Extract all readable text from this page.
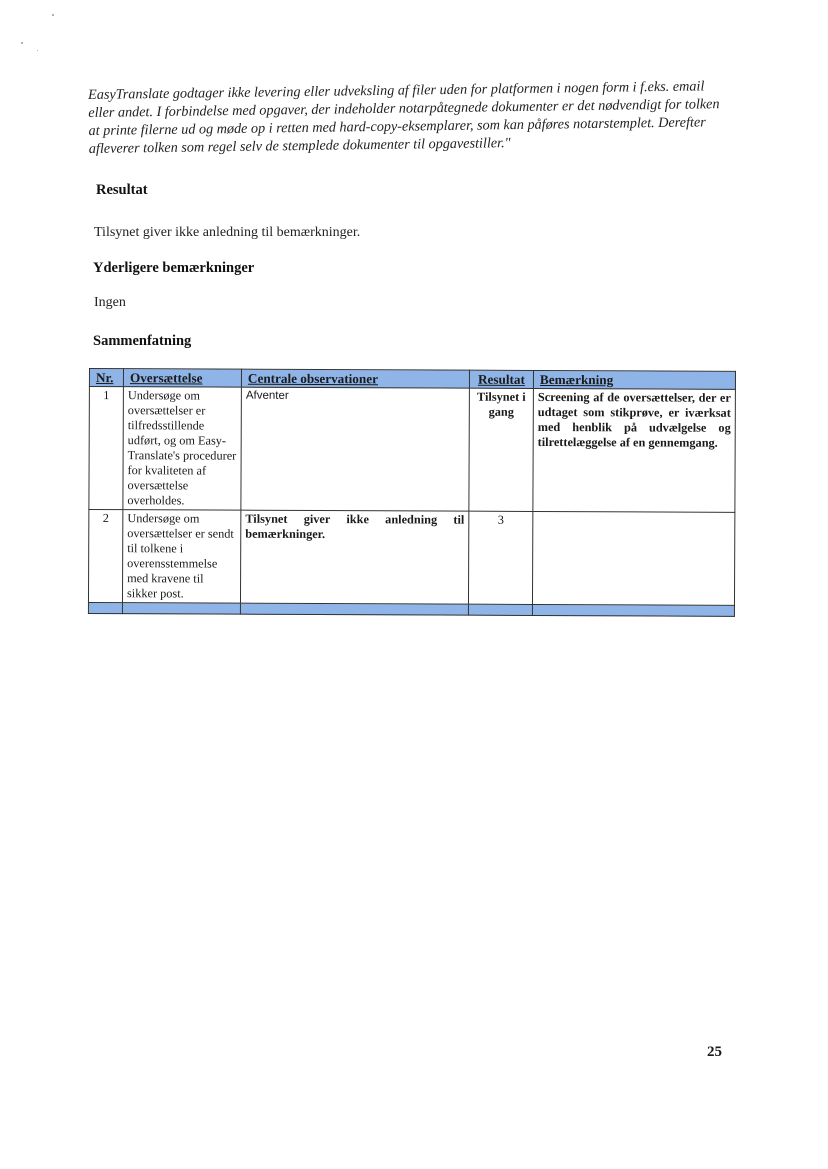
EasyTranslate godtager ikke levering eller udveksling af filer uden for platformen i nogen form i f.eks. email
eller andet. I forbindelse med opgaver, der indeholder notarpåtegnede dokumenter er det nødvendigt for tolken
at printe filerne ud og møde op i retten med hard-copy-eksemplarer, som kan påføres notarstemplet. Derefter
afleverer tolken som regel selv de stemplede dokumenter til opgavestiller."
Resultat
Tilsynet giver ikke anledning til bemærkninger.
Yderligere bemærkninger
Ingen
Sammenfatning
Nr.	Oversættelse	Centrale observationer	Resultat	Bemærkning
1	Undersøge om oversættelser er tilfredsstillende udført, og om Easy-Translate's procedurer for kvaliteten af oversættelse overholdes.	Afventer	Tilsynet i gang	Screening af de oversættelser, der er udtaget som stikprøve, er iværksat med henblik på udvælgelse og tilrettelæggelse af en gennemgang.
2	Undersøge om oversættelser er sendt til tolkene i overensstemmelse med kravene til sikker post.	Tilsynet giver ikke anledning til bemærkninger.	3	

25
